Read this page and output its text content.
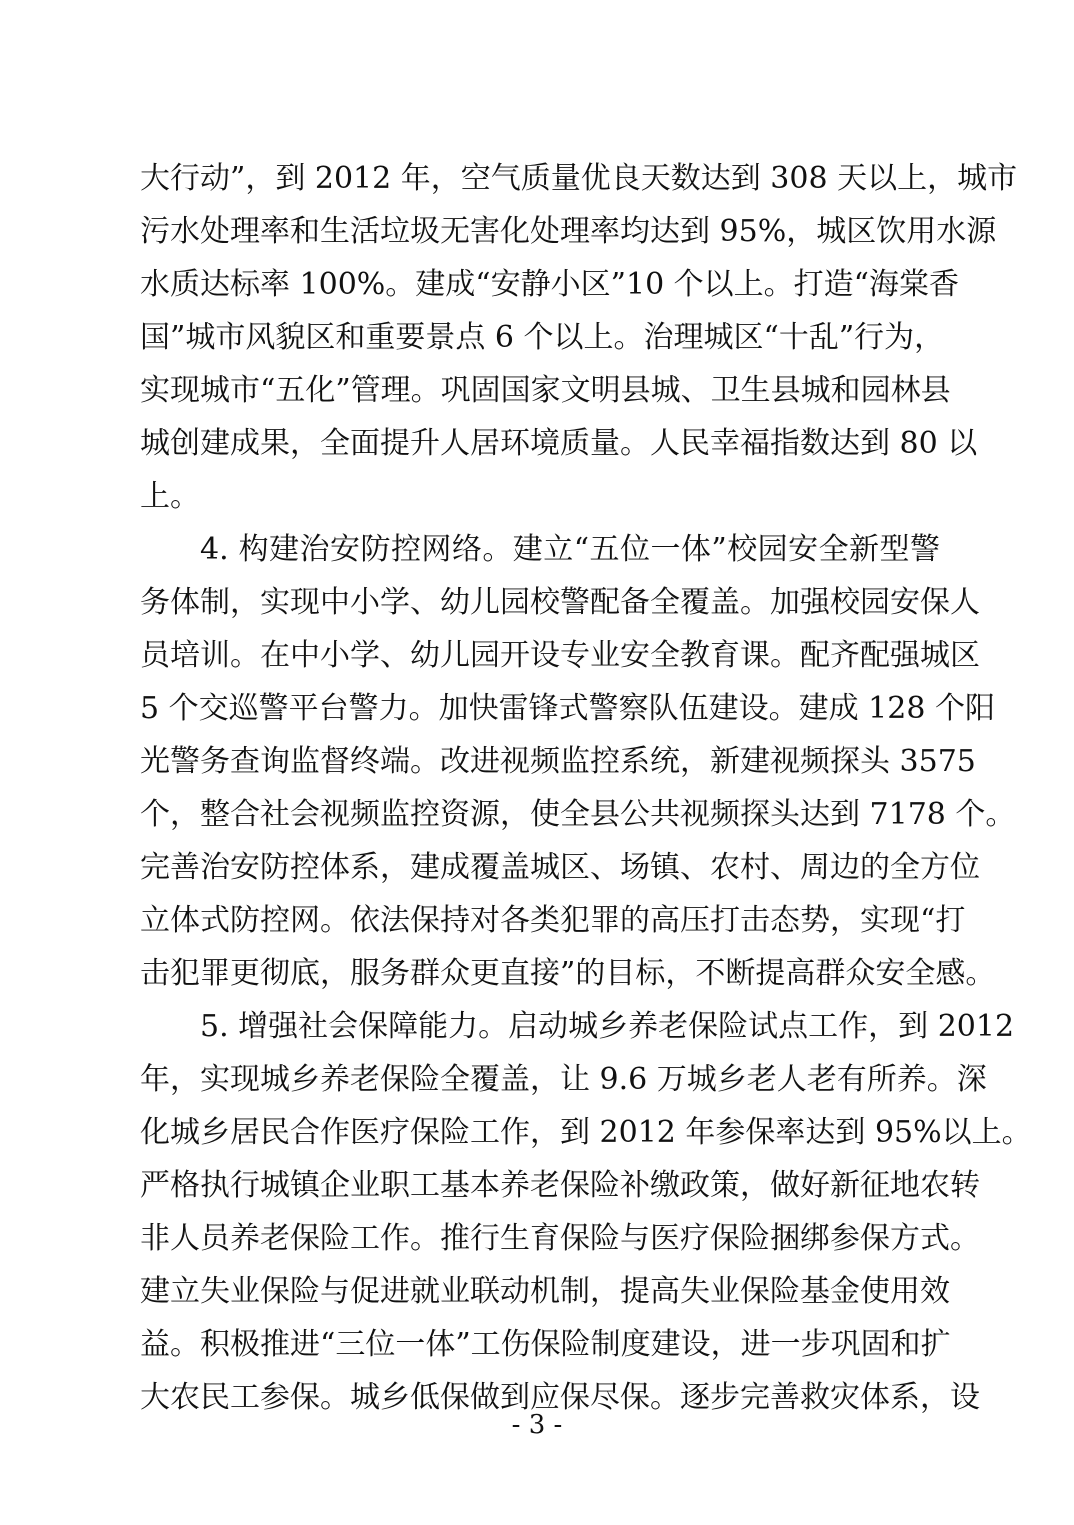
大行动”，到 2012 年，空气质量优良天数达到 308 天以上，城市
污水处理率和生活垃圾无害化处理率均达到 95%，城区饮用水源
水质达标率 100%。建成“安静小区”10 个以上。打造“海棠香
国”城市风貌区和重要景点 6 个以上。治理城区“十乱”行为，
实现城市“五化”管理。巩固国家文明县城、卫生县城和园林县
城创建成果，全面提升人居环境质量。人民幸福指数达到 80 以
上。
4. 构建治安防控网络。建立“五位一体”校园安全新型警
务体制，实现中小学、幼儿园校警配备全覆盖。加强校园安保人
员培训。在中小学、幼儿园开设专业安全教育课。配齐配强城区
5 个交巡警平台警力。加快雷锋式警察队伍建设。建成 128 个阳
光警务查询监督终端。改进视频监控系统，新建视频探头 3575
个，整合社会视频监控资源，使全县公共视频探头达到 7178 个。
完善治安防控体系，建成覆盖城区、场镇、农村、周边的全方位
立体式防控网。依法保持对各类犯罪的高压打击态势，实现“打
击犯罪更彻底，服务群众更直接”的目标，不断提高群众安全感。
5. 增强社会保障能力。启动城乡养老保险试点工作，到 2012
年，实现城乡养老保险全覆盖，让 9.6 万城乡老人老有所养。深
化城乡居民合作医疗保险工作，到 2012 年参保率达到 95%以上。
严格执行城镇企业职工基本养老保险补缴政策，做好新征地农转
非人员养老保险工作。推行生育保险与医疗保险捆绑参保方式。
建立失业保险与促进就业联动机制，提高失业保险基金使用效
益。积极推进“三位一体”工伤保险制度建设，进一步巩固和扩
大农民工参保。城乡低保做到应保尽保。逐步完善救灾体系，设
- 3 -
